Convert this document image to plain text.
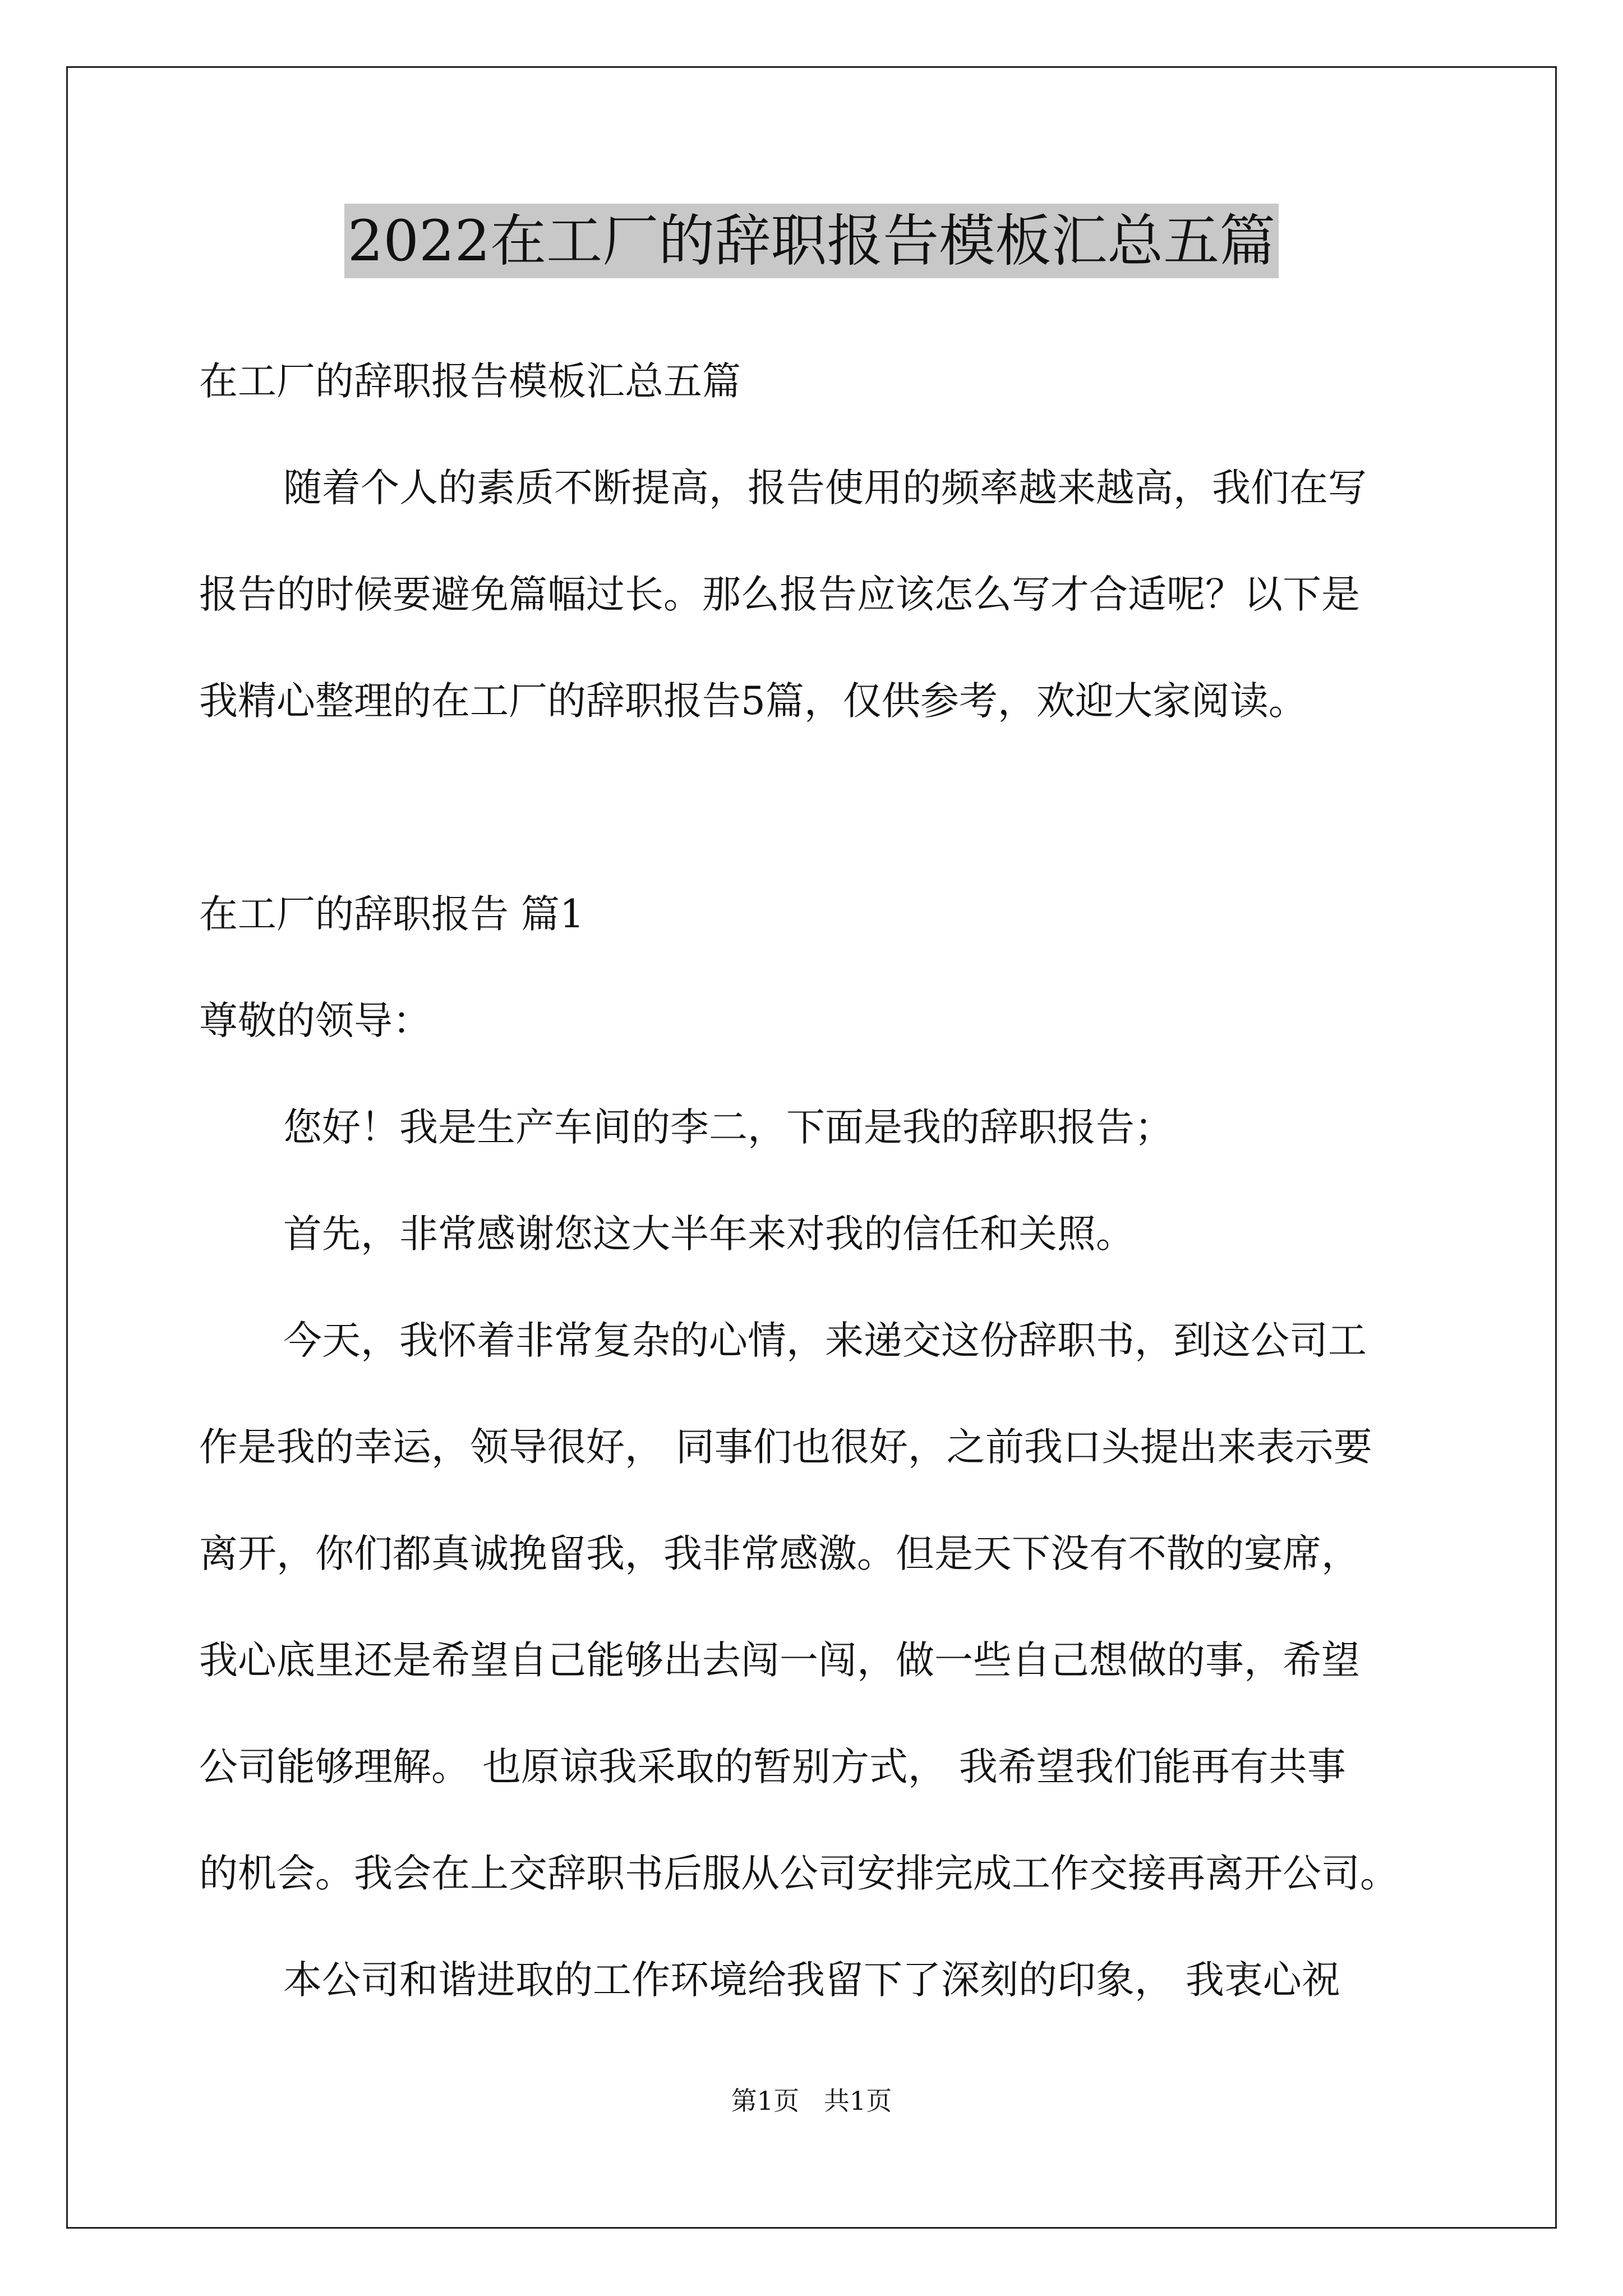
2022在工厂的辞职报告模板汇总五篇
在工厂的辞职报告模板汇总五篇
随着个人的素质不断提高，报告使用的频率越来越高，我们在写
报告的时候要避免篇幅过长。那么报告应该怎么写才合适呢？以下是
我精心整理的在工厂的辞职报告5篇，仅供参考，欢迎大家阅读。
在工厂的辞职报告 篇1
尊敬的领导：
您好！我是生产车间的李二，下面是我的辞职报告；
首先，非常感谢您这大半年来对我的信任和关照。
今天，我怀着非常复杂的心情，来递交这份辞职书，到这公司工
作是我的幸运，领导很好， 同事们也很好，之前我口头提出来表示要
离开，你们都真诚挽留我，我非常感激。但是天下没有不散的宴席，
我心底里还是希望自己能够出去闯一闯，做一些自己想做的事，希望
公司能够理解。 也原谅我采取的暂别方式， 我希望我们能再有共事
的机会。我会在上交辞职书后服从公司安排完成工作交接再离开公司。
本公司和谐进取的工作环境给我留下了深刻的印象， 我衷心祝
第1页   共1页
